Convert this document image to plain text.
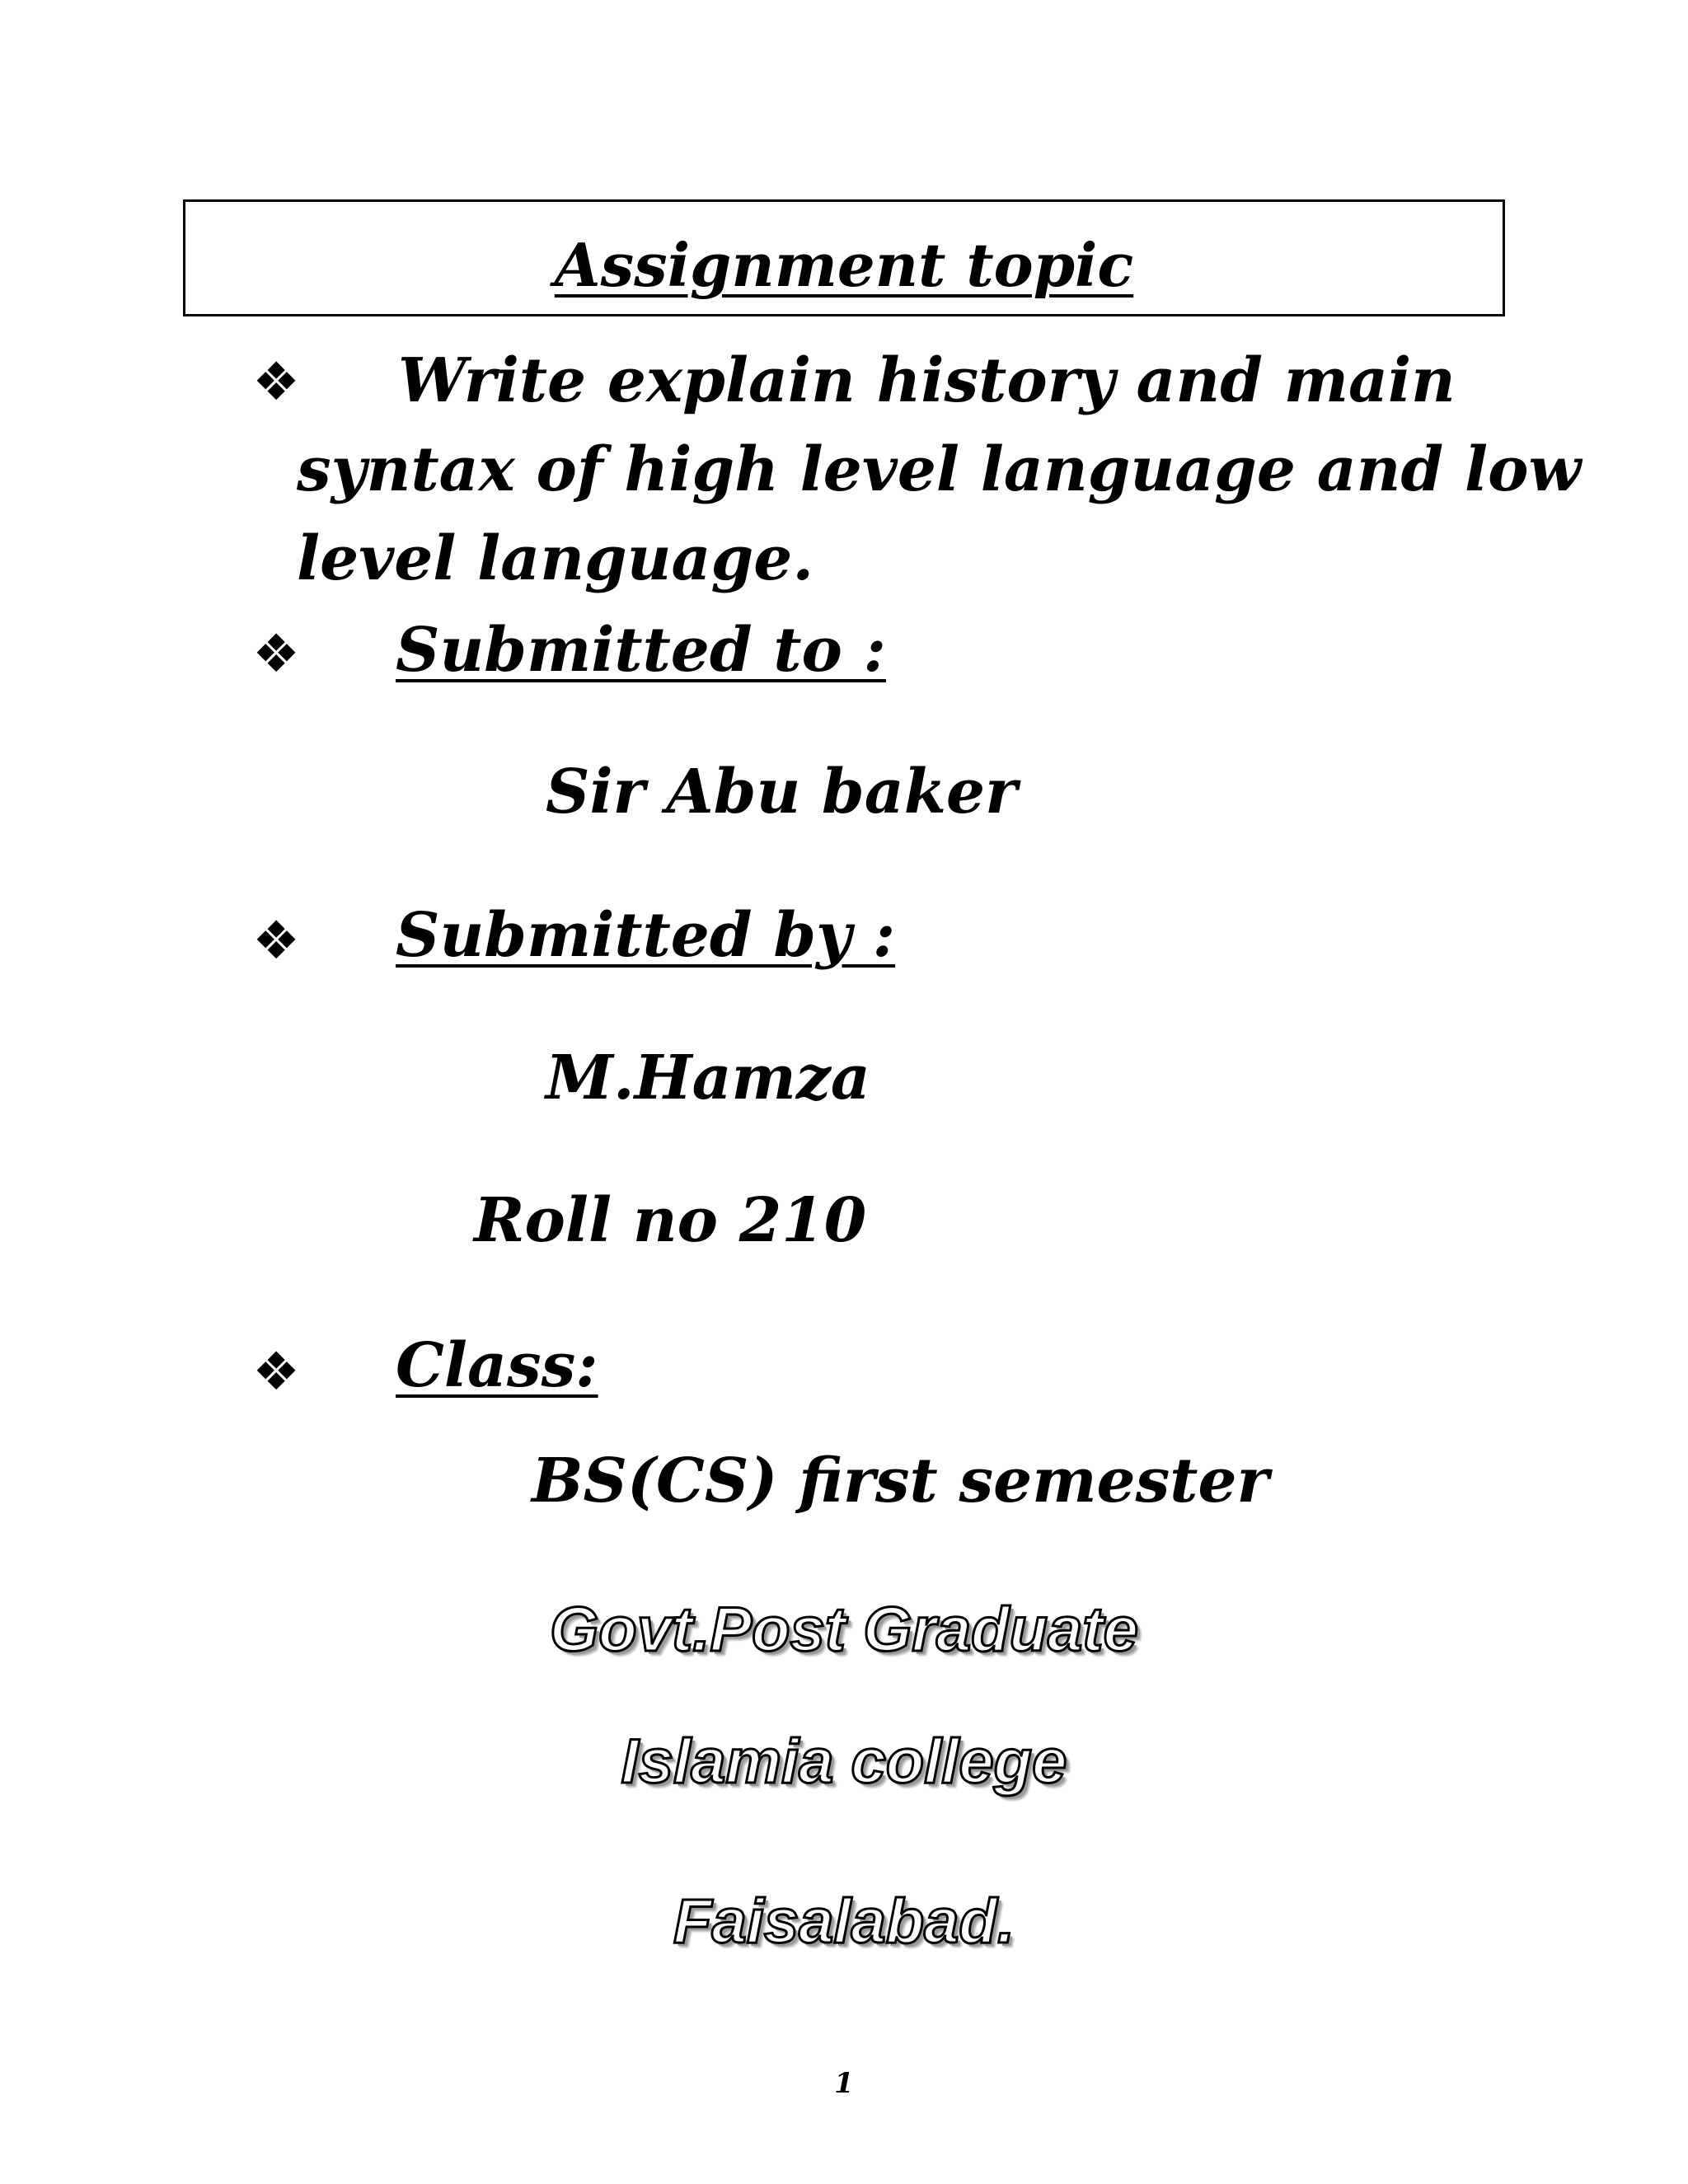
Assignment topic
❖ Write explain history and main
syntax of high level language and low
level language.
❖ Submitted to :
Sir Abu baker
❖ Submitted by :
M.Hamza
Roll no 210
❖ Class:
BS(CS) first semester
Govt.Post Graduate
Islamia college
Faisalabad.
1
